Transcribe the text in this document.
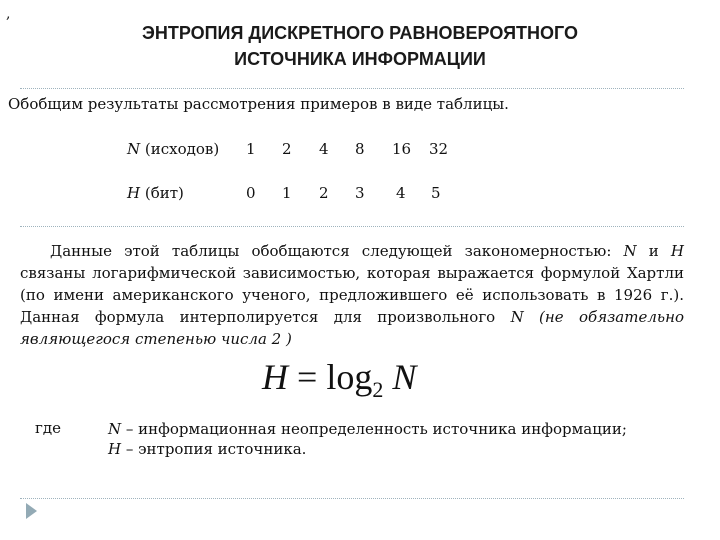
,
ЭНТРОПИЯ ДИСКРЕТНОГО РАВНОВЕРОЯТНОГО
ИСТОЧНИКА ИНФОРМАЦИИ
Обобщим результаты рассмотрения примеров в виде таблицы.
N (исходов) 1 2 4 8 16 32
H (бит)	0 1 2 3 4 5
Данные этой таблицы обобщаются следующей закономерностью: N и H связаны логарифмической зависимостью, которая выражается формулой Хартли (по имени американского ученого, предложившего её использовать в 1926 г.). Данная формула интерполируется для произвольного N (не обязательно являющегося степенью числа 2 )
$H = \log_2 N$
где	N – информационная неопределенность источника информации;
H – энтропия источника.
